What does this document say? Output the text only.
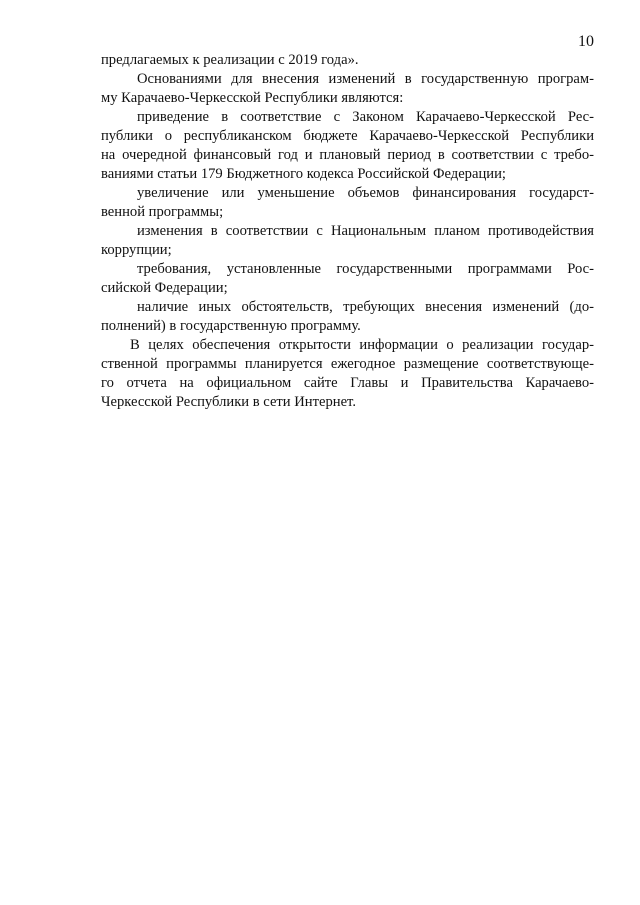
10
предлагаемых к реализации с 2019 года».
Основаниями для внесения изменений в государственную програм-
му Карачаево-Черкесской Республики являются:
приведение в соответствие с Законом Карачаево-Черкесской Рес-
публики о республиканском бюджете Карачаево-Черкесской Республики
на очередной финансовый год и плановый период в соответствии с требо-
ваниями статьи 179 Бюджетного кодекса Российской Федерации;
увеличение или уменьшение объемов финансирования государст-
венной программы;
изменения в соответствии с Национальным планом противодействия
коррупции;
требования, установленные государственными программами Рос-
сийской Федерации;
наличие иных обстоятельств, требующих внесения изменений (до-
полнений) в государственную программу.
В целях обеспечения открытости информации о реализации государ-
ственной программы планируется ежегодное размещение соответствующе-
го отчета на официальном сайте Главы и Правительства Карачаево-
Черкесской Республики в сети Интернет.
